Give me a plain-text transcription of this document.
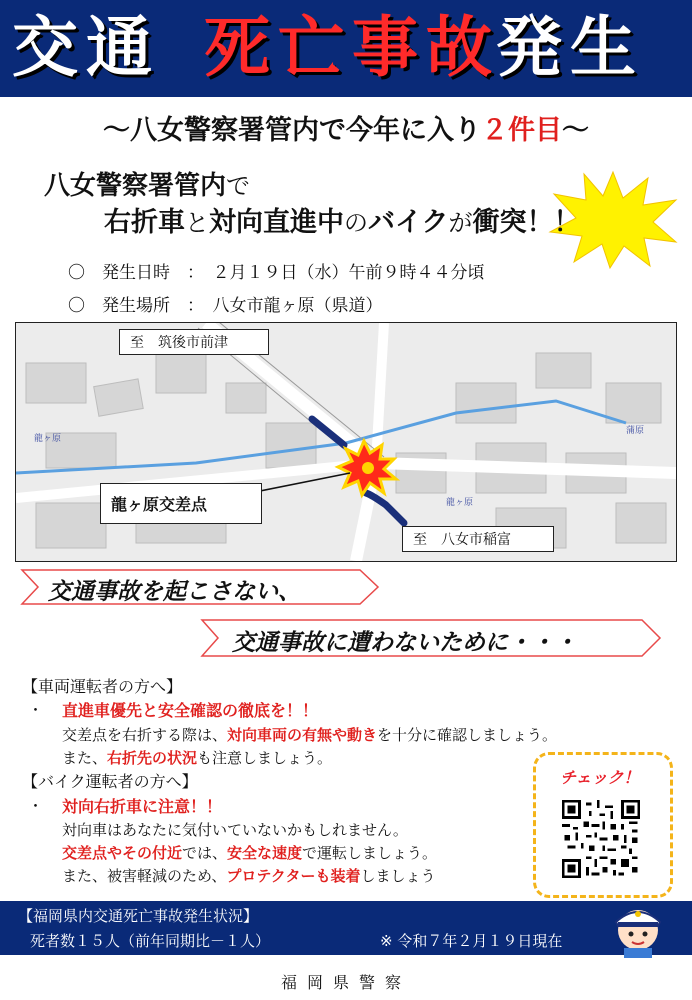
交通 死亡事故
発生
～八女警察署管内で今年に入り２件目～
八女警察署管内で
右折車と対向直進中のバイクが衝突！！
〇　発生日時　：　２月１９日（水）午前９時４４分頃
〇　発生場所　：　八女市龍ヶ原（県道）
至　筑後市前津
至　八女市稲富
龍ヶ原交差点
龍ヶ原
龍ヶ原
蒲原
交通事故を起こさない、
交通事故に遭わないために・・・
【車両運転者の方へ】
・ 直進車優先と安全確認の徹底を！！
交差点を右折する際は、対向車両の有無や動きを十分に確認しましょう。
また、右折先の状況も注意しましょう。
【バイク運転者の方へ】
・ 対向右折車に注意！！
対向車はあなたに気付いていないかもしれません。
交差点やその付近では、安全な速度で運転しましょう。
また、被害軽減のため、プロテクターも装着しましょう
チェック！
【福岡県内交通死亡事故発生状況】
死者数１５人（前年同期比－１人）	※ 令和７年２月１９日現在
福岡県警察
